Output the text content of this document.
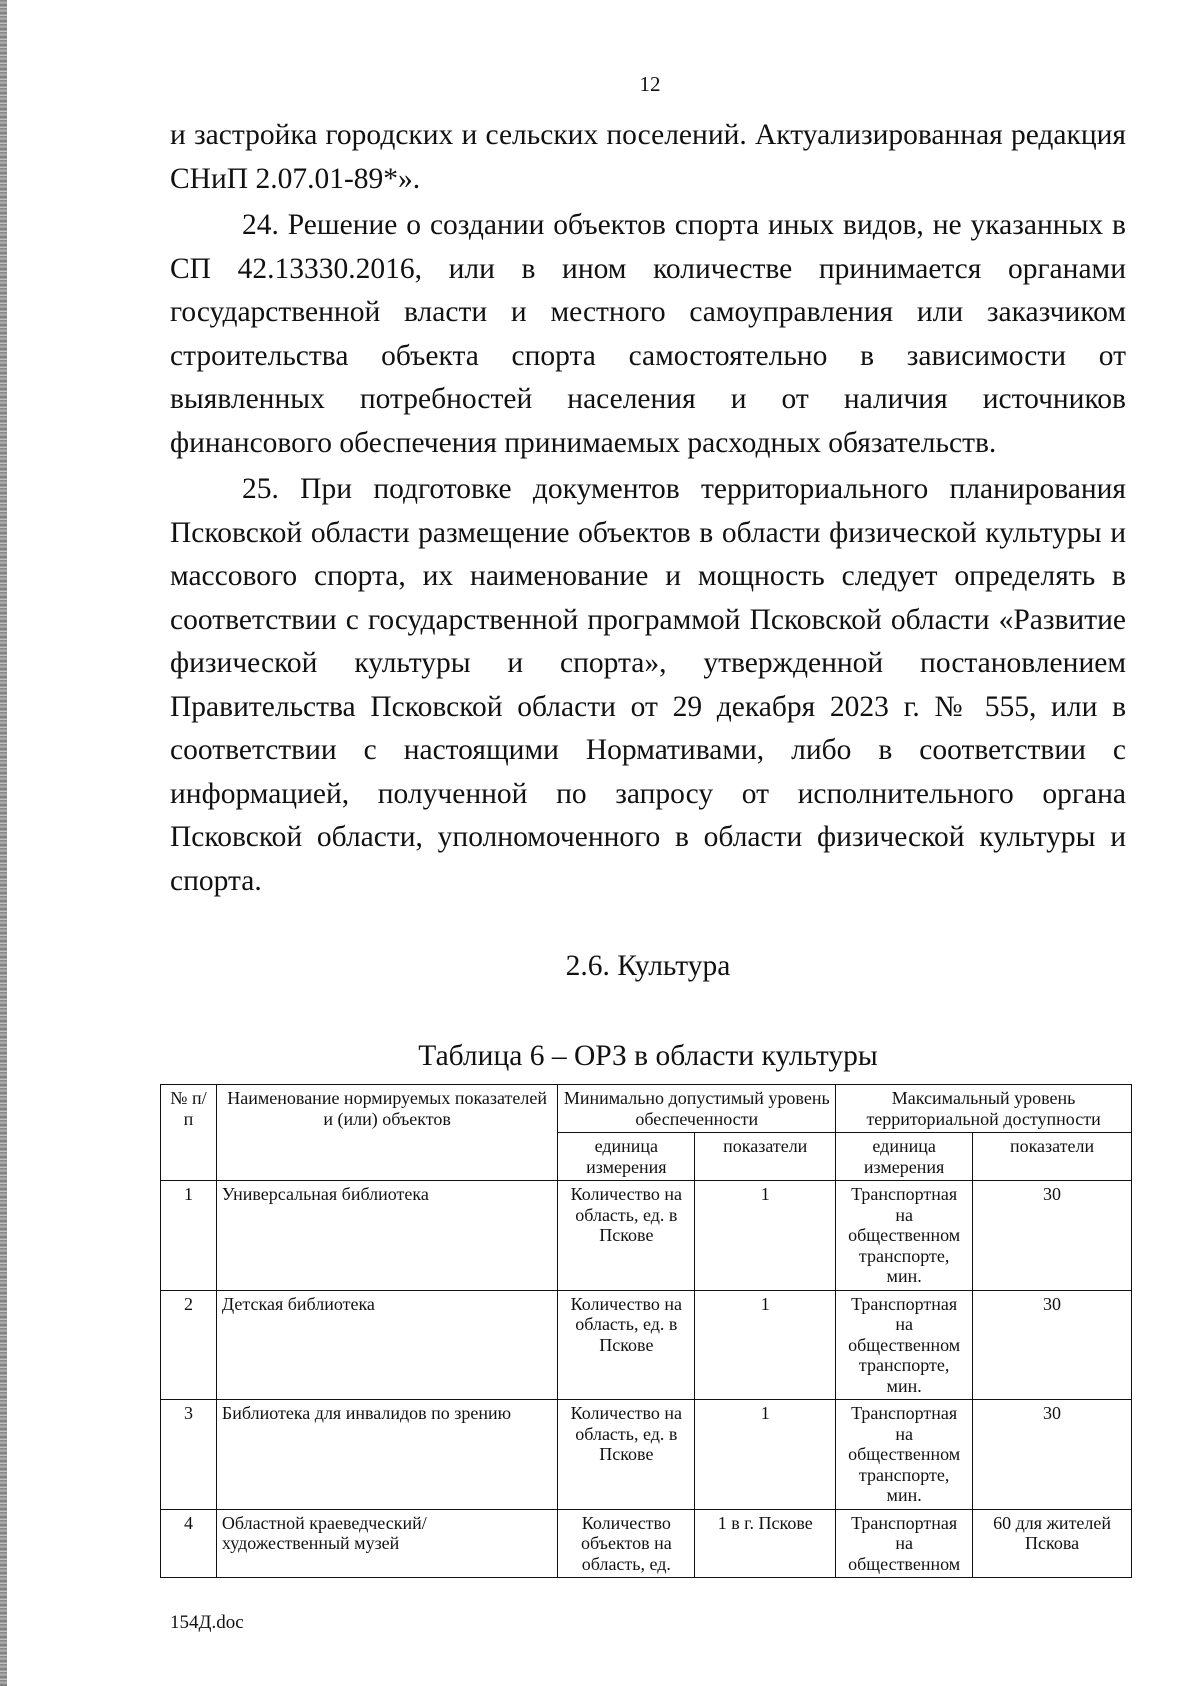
12

и застройка городских и сельских поселений. Актуализированная редакция СНиП 2.07.01-89*».

24. Решение о создании объектов спорта иных видов, не указанных в СП 42.13330.2016, или в ином количестве принимается органами государственной власти и местного самоуправления или заказчиком строительства объекта спорта самостоятельно в зависимости от выявленных потребностей населения и от наличия источников финансового обеспечения принимаемых расходных обязательств.

25. При подготовке документов территориального планирования Псковской области размещение объектов в области физической культуры и массового спорта, их наименование и мощность следует определять в соответствии с государственной программой Псковской области «Развитие физической культуры и спорта», утвержденной постановлением Правительства Псковской области от 29 декабря 2023 г. № 555, или в соответствии с настоящими Нормативами, либо в соответствии с информацией, полученной по запросу от исполнительного органа Псковской области, уполномоченного в области физической культуры и спорта.

2.6. Культура
Таблица 6 – ОРЗ в области культуры
№ п/п	Наименование нормируемых показателей и (или) объектов	Минимально допустимый уровень обеспеченности		Максимальный уровень территориальной доступности	
		единица измерения	показатели	единица измерения	показатели
1	Универсальная библиотека	Количество на область, ед. в Пскове	1	Транспортная на общественном транспорте, мин.	30
2	Детская библиотека	Количество на область, ед. в Пскове	1	Транспортная на общественном транспорте, мин.	30
3	Библиотека для инвалидов по зрению	Количество на область, ед. в Пскове	1	Транспортная на общественном транспорте, мин.	30
4	Областной краеведческий/ художественный музей	Количество объектов на область, ед.	1 в г. Пскове	Транспортная на общественном	60 для жителей Пскова
154Д.doc
